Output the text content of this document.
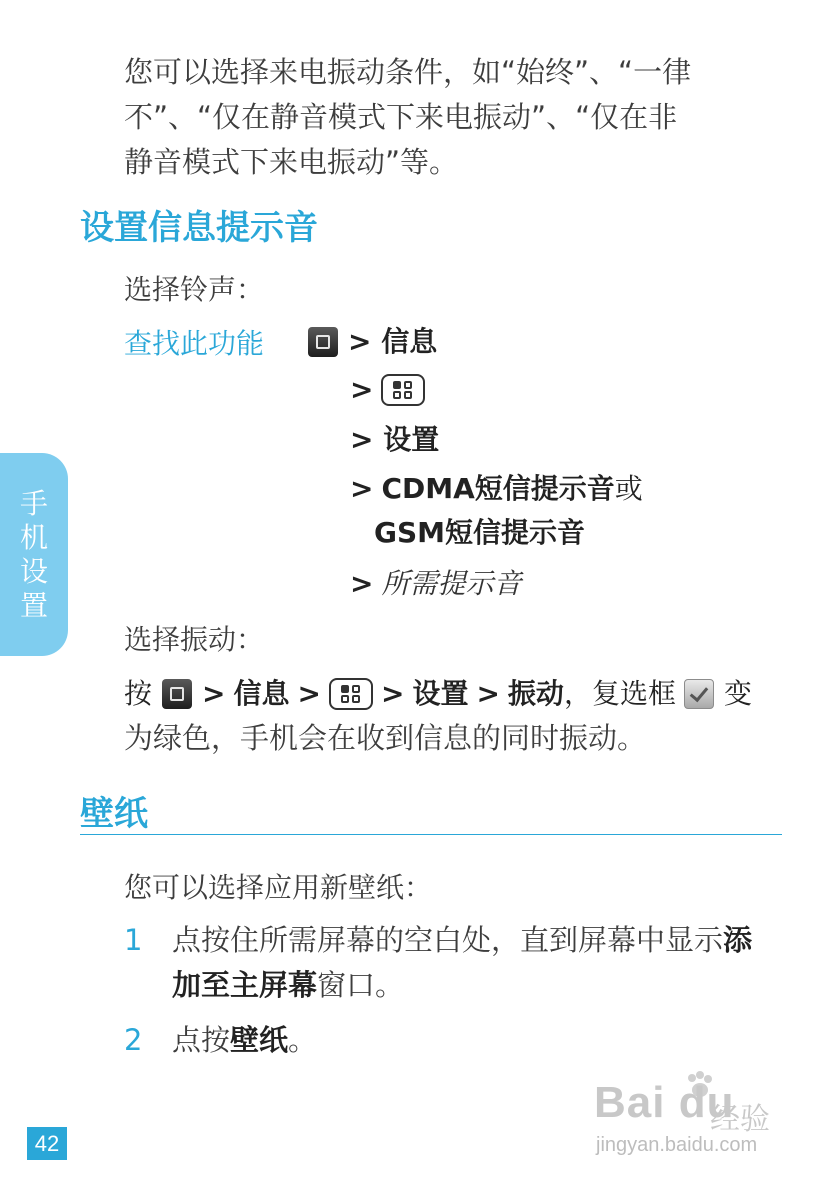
您可以选择来电振动条件，如“始终”、“一律
不”、“仅在静音模式下来电振动”、“仅在非
静音模式下来电振动”等。
设置信息提示音
选择铃声：
查找此功能	> 信息
>
> 设置
> CDMA短信提示音 或
GSM短信提示音
> 所需提示音
选择振动：
按 > 信息 > > 设置 > 振动 ，复选框 变
为绿色，手机会在收到信息的同时振动。
壁纸
您可以选择应用新壁纸：
1	点按住所需屏幕的空白处，直到屏幕中显示 添
加至主屏幕窗口。
2	点按 壁纸 。
手
机
设
置
42
Bai du
经验
jingyan.baidu.com
